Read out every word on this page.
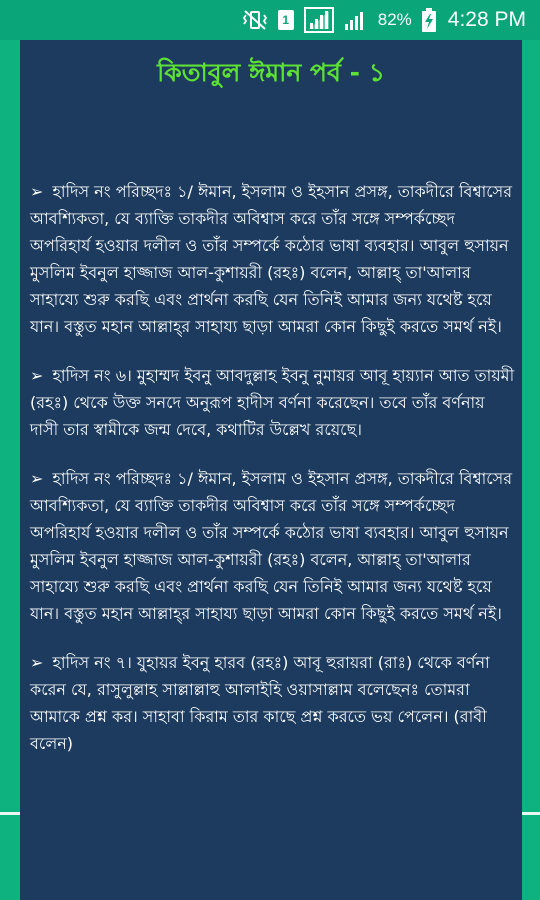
1	82% 4:28 PM
কিতাবুল ঈমান পর্ব - ১

➢ হাদিস নং পরিচ্ছদঃ ১/ ঈমান, ইসলাম ও ইহসান প্রসঙ্গ, তাকদীরে বিশ্বাসের আবশ্যিকতা, যে ব্যাক্তি তাকদীর অবিশ্বাস করে তাঁর সঙ্গে সম্পর্কচ্ছেদ অপরিহার্য হওয়ার দলীল ও তাঁর সম্পর্কে কঠোর ভাষা ব্যবহার। আবুল হুসায়ন মুসলিম ইবনুল হাজ্জাজ আল-কুশায়রী (রহঃ) বলেন, আল্লাহ্‌ তা'আলার সাহায্যে শুরু করছি এবং প্রার্থনা করছি যেন তিনিই আমার জন্য যথেষ্ট হয়ে যান। বস্তুত মহান আল্লাহ্‌র সাহায্য ছাড়া আমরা কোন কিছুই করতে সমর্থ নই।

➢ হাদিস নং ৬। মুহাম্মদ ইবনু আবদুল্লাহ ইবনু নুমায়র আবূ হায়্যান আত তায়মী (রহঃ) থেকে উক্ত সনদে অনুরূপ হাদীস বর্ণনা করেছেন। তবে তাঁর বর্ণনায় দাসী তার স্বামীকে জন্ম দেবে, কথাটির উল্লেখ রয়েছে।

➢ হাদিস নং পরিচ্ছদঃ ১/ ঈমান, ইসলাম ও ইহসান প্রসঙ্গ, তাকদীরে বিশ্বাসের আবশ্যিকতা, যে ব্যাক্তি তাকদীর অবিশ্বাস করে তাঁর সঙ্গে সম্পর্কচ্ছেদ অপরিহার্য হওয়ার দলীল ও তাঁর সম্পর্কে কঠোর ভাষা ব্যবহার। আবুল হুসায়ন মুসলিম ইবনুল হাজ্জাজ আল-কুশায়রী (রহঃ) বলেন, আল্লাহ্‌ তা'আলার সাহায্যে শুরু করছি এবং প্রার্থনা করছি যেন তিনিই আমার জন্য যথেষ্ট হয়ে যান। বস্তুত মহান আল্লাহ্‌র সাহায্য ছাড়া আমরা কোন কিছুই করতে সমর্থ নই।

➢ হাদিস নং ৭। যুহায়র ইবনু হারব (রহঃ) আবূ হুরায়রা (রাঃ) থেকে বর্ণনা করেন যে, রাসুলুল্লাহ সাল্লাল্লাহু আলাইহি ওয়াসাল্লাম বলেছেনঃ তোমরা আমাকে প্রশ্ন কর। সাহাবা কিরাম তার কাছে প্রশ্ন করতে ভয় পেলেন। (রাবী বলেন)
